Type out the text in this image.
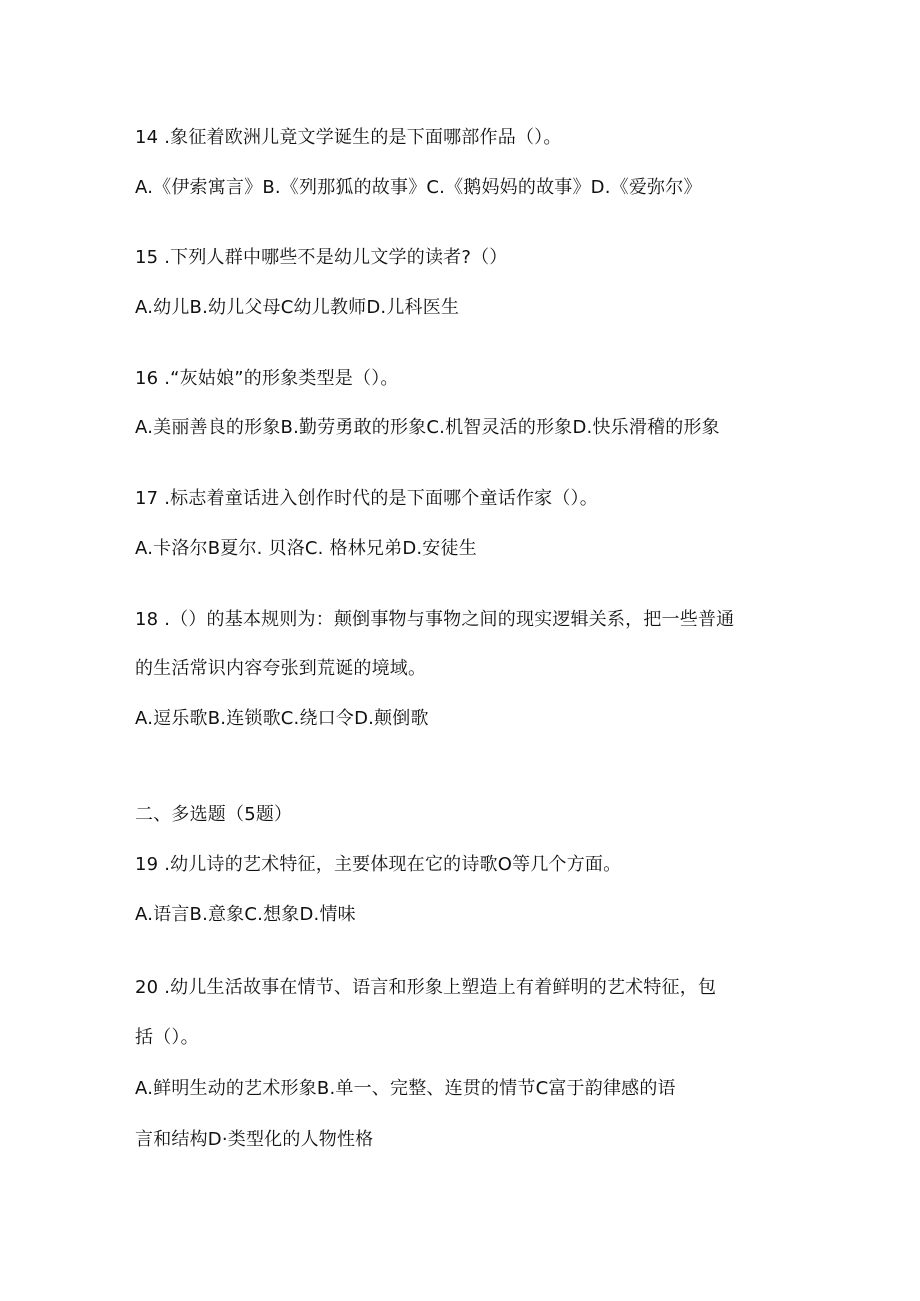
14 .象征着欧洲儿竟文学诞生的是下面哪部作品（）。
A.《伊索寓言》B.《列那狐的故事》C.《鹅妈妈的故事》D.《爱弥尔》
15 .下列人群中哪些不是幼儿文学的读者?（）
A.幼儿B.幼儿父母C幼儿教师D.儿科医生
16 .“灰姑娘”的形象类型是（）。
A.美丽善良的形象B.勤劳勇敢的形象C.机智灵活的形象D.快乐滑稽的形象
17 .标志着童话进入创作时代的是下面哪个童话作家（）。
A.卡洛尔B夏尔. 贝洛C. 格林兄弟D.安徒生
18 .（）的基本规则为：颠倒事物与事物之间的现实逻辑关系，把一些普通
的生活常识内容夸张到荒诞的境域。
A.逗乐歌B.连锁歌C.绕口令D.颠倒歌
二、多选题（5题）
19 .幼儿诗的艺术特征，主要体现在它的诗歌O等几个方面。
A.语言B.意象C.想象D.情味
20 .幼儿生活故事在情节、语言和形象上塑造上有着鲜明的艺术特征，包
括（）。
A.鲜明生动的艺术形象B.单一、完整、连贯的情节C富于韵律感的语
言和结构D·类型化的人物性格
